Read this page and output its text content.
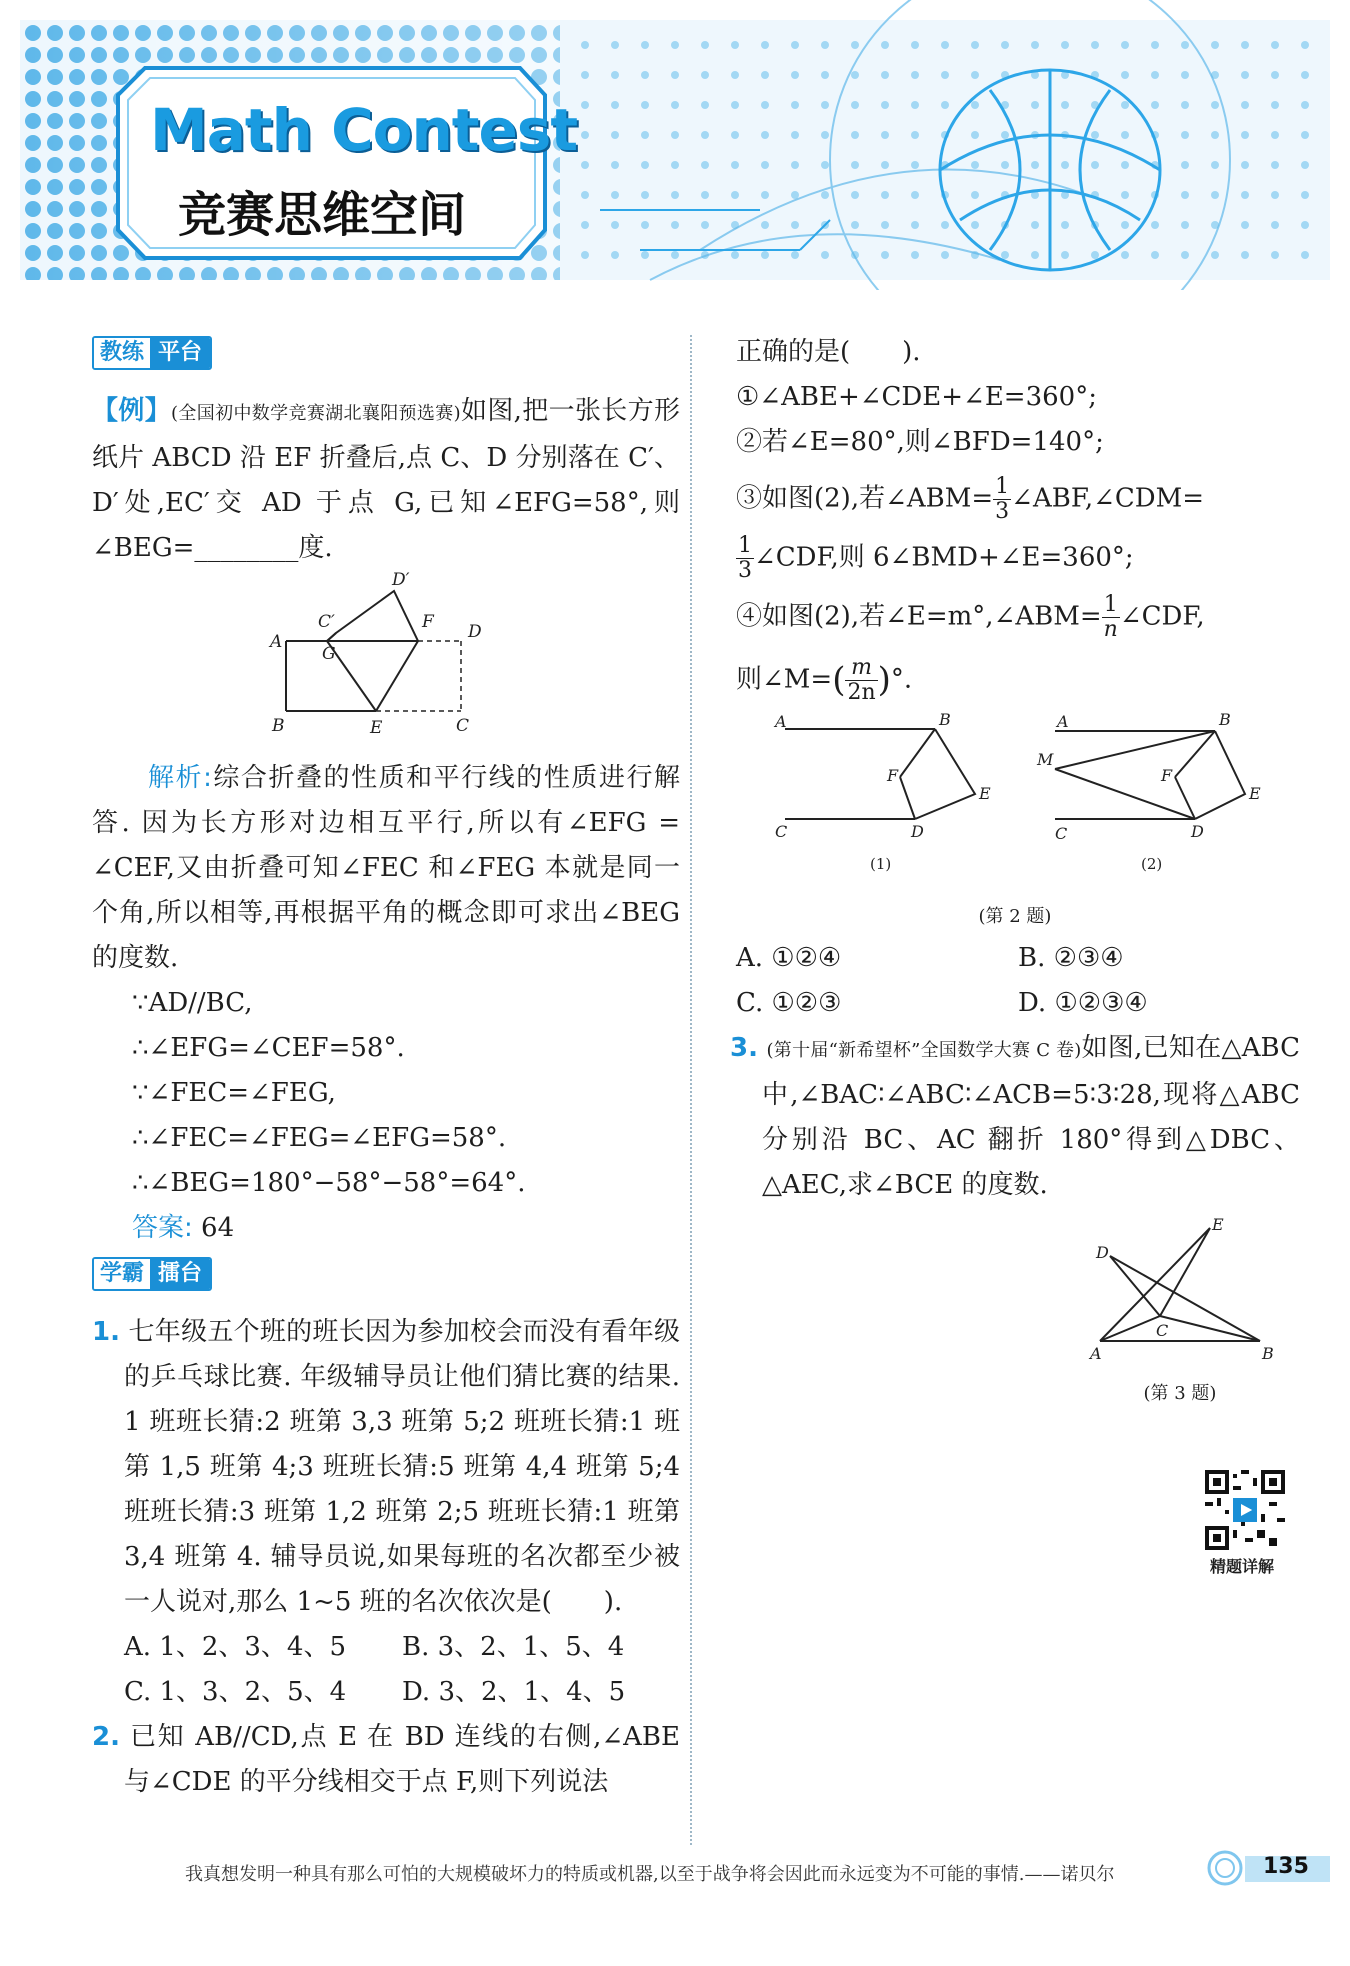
Math Contest
竞赛思维空间
教练 平台

【例】(全国初中数学竞赛湖北襄阳预选赛)如图,把一张长方形纸片 ABCD 沿 EF 折叠后,点 C、D 分别落在 C′、D′处,EC′交 AD 于点 G,已知∠EFG=58°,则∠BEG=________度.

A
B	C
D
E
F
G
C′
D′

解析:综合折叠的性质和平行线的性质进行解答. 因为长方形对边相互平行,所以有∠EFG = ∠CEF,又由折叠可知∠FEC 和∠FEG 本就是同一个角,所以相等,再根据平角的概念即可求出∠BEG 的度数.

∵AD//BC,
∴∠EFG=∠CEF=58°.
∵∠FEC=∠FEG,
∴∠FEC=∠FEG=∠EFG=58°.
∴∠BEG=180°−58°−58°=64°.
答案: 64
学霸 擂台

1. 七年级五个班的班长因为参加校会而没有看年级的乒乓球比赛. 年级辅导员让他们猜比赛的结果. 1 班班长猜:2 班第 3,3 班第 5;2 班班长猜:1 班第 1,5 班第 4;3 班班长猜:5 班第 4,4 班第 5;4 班班长猜:3 班第 1,2 班第 2;5 班班长猜:1 班第 3,4 班第 4. 辅导员说,如果每班的名次都至少被一人说对,那么 1~5 班的名次依次是(　　).

A. 1、2、3、4、5	B. 3、2、1、5、4
C. 1、3、2、5、4	D. 3、2、1、4、5

2. 已知 AB//CD,点 E 在 BD 连线的右侧,∠ABE 与∠CDE 的平分线相交于点 F,则下列说法

正确的是(　　).
①∠ABE+∠CDE+∠E=360°;
②若∠E=80°,则∠BFD=140°;
③如图(2),若∠ABM= $\frac{1}{3}$ ∠ABF,∠CDM=
$\frac{1}{3}$ ∠CDF,则 6∠BMD+∠E=360°;
④如图(2),若∠E=m°,∠ABM= $\frac{1}{n}$ ∠CDF,
则∠M=( $\frac{m}{2n}$ )°.
A	B
C	D
E
F
A	B
C	D
E
F
M
(1)	(2)
(第 2 题)
A. ①②④	B. ②③④
C. ①②③	D. ①②③④

3. (第十届“新希望杯”全国数学大赛 C 卷)如图,已知在△ABC 中,∠BAC∶∠ABC∶∠ACB=5∶3∶28,现将△ABC 分别沿 BC、AC 翻折 180°得到△DBC、△AEC,求∠BCE 的度数.

A	B
C
D
E
(第 3 题)
精题详解
我真想发明一种具有那么可怕的大规模破坏力的特质或机器,以至于战争将会因此而永远变为不可能的事情.——诺贝尔	135
